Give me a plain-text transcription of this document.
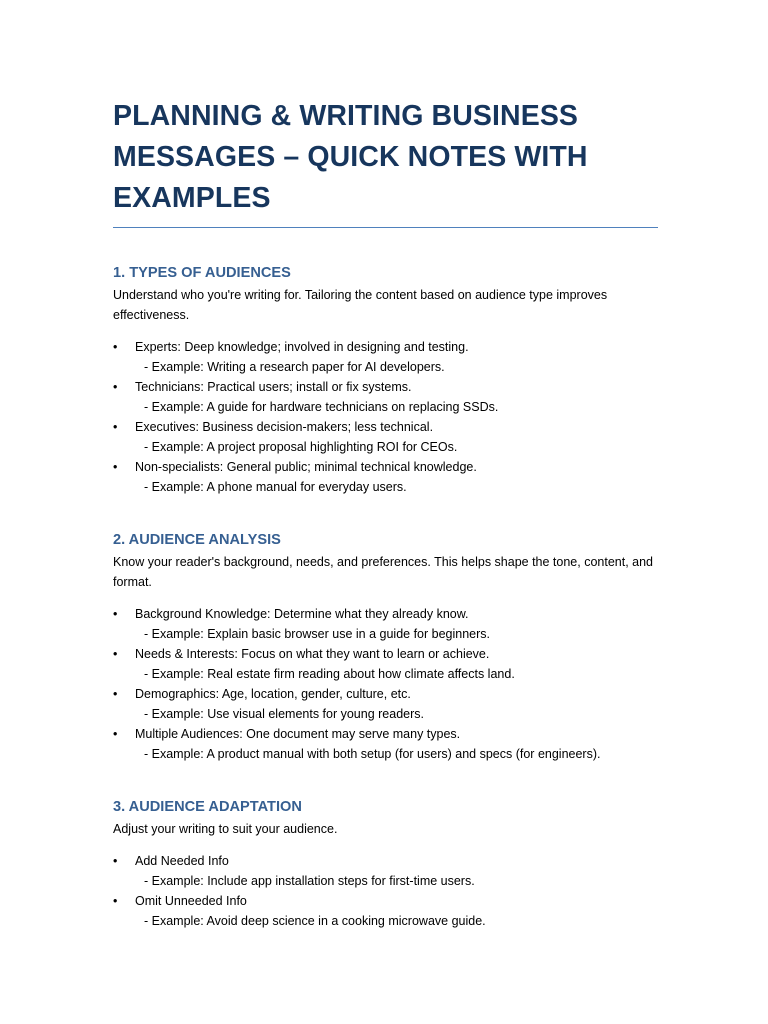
PLANNING & WRITING BUSINESS MESSAGES – QUICK NOTES WITH EXAMPLES
1. TYPES OF AUDIENCES

Understand who you're writing for. Tailoring the content based on audience type improves effectiveness.

•	Experts: Deep knowledge; involved in designing and testing.
- Example: Writing a research paper for AI developers.
•	Technicians: Practical users; install or fix systems.
- Example: A guide for hardware technicians on replacing SSDs.
•	Executives: Business decision-makers; less technical.
- Example: A project proposal highlighting ROI for CEOs.
•	Non-specialists: General public; minimal technical knowledge.
- Example: A phone manual for everyday users.
2. AUDIENCE ANALYSIS

Know your reader's background, needs, and preferences. This helps shape the tone, content, and format.

•	Background Knowledge: Determine what they already know.
- Example: Explain basic browser use in a guide for beginners.
•	Needs & Interests: Focus on what they want to learn or achieve.
- Example: Real estate firm reading about how climate affects land.
•	Demographics: Age, location, gender, culture, etc.
- Example: Use visual elements for young readers.
•	Multiple Audiences: One document may serve many types.
- Example: A product manual with both setup (for users) and specs (for engineers).
3. AUDIENCE ADAPTATION

Adjust your writing to suit your audience.

•	Add Needed Info
- Example: Include app installation steps for first-time users.
•	Omit Unneeded Info
- Example: Avoid deep science in a cooking microwave guide.
